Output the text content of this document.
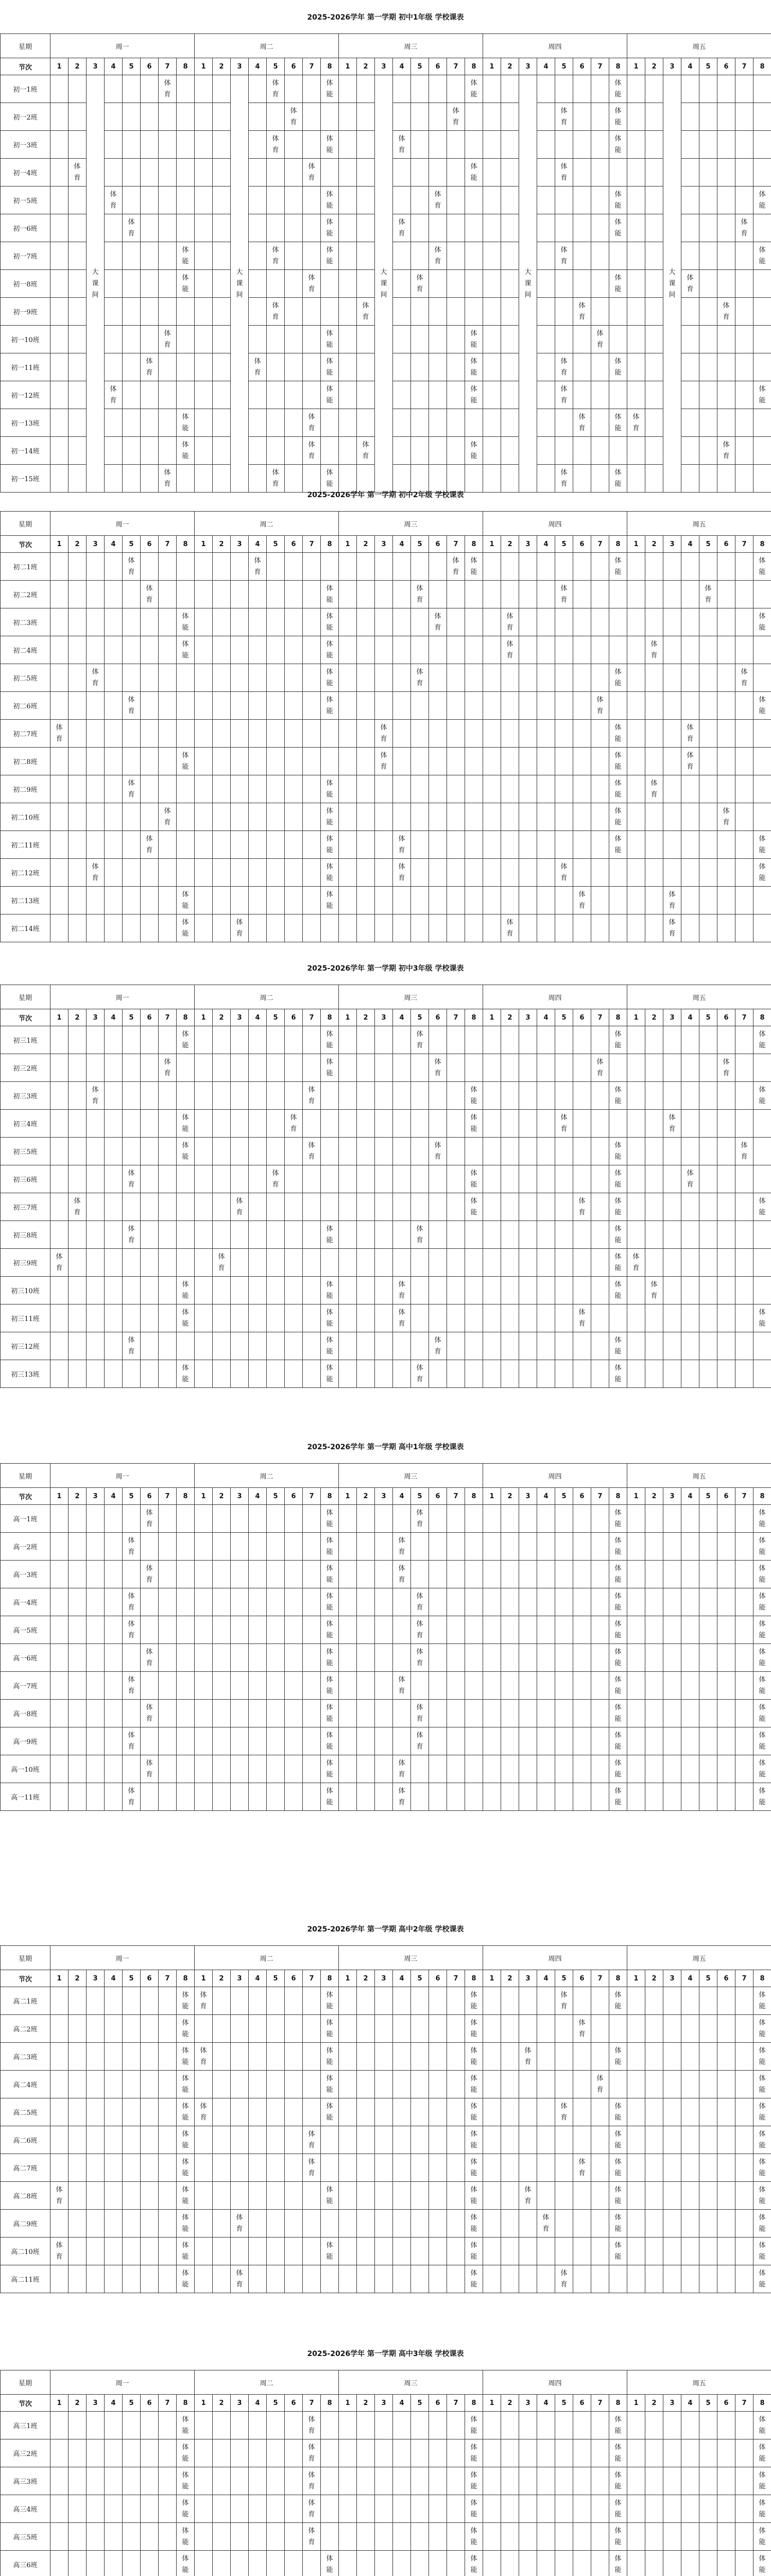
2025-2026学年 第一学期 初中1年级 学校课表
星期	周一								周二								周三								周四								周五							
节次	1	2	3	4	5	6	7	8	1	2	3	4	5	6	7	8	1	2	3	4	5	6	7	8	1	2	3	4	5	6	7	8	1	2	3	4	5	6	7	8
初一1班			大课间				体育				大课间		体育			体能			大课间					体能			大课间					体能			大课间					

初一2班														体育									体育						体育			体能								

初一3班													体育			体能				体育												体能								

初一4班		体育													体育									体能					体育											

初一5班				体育												体能						体育										体能								体能

初一6班					体育											体能				体育												体能							体育	

初一7班								体能					体育			体能						体育							体育											体能

初一8班								体能							体育						体育											体能				体育				

初一9班													体育					体育												体育								体育		

初一10班							体育									体能								体能							体育									

初一11班						体育						体育				体能								体能					体育			体能								

初一12班				体育												体能								体能					体育											体能

初一13班								体能							体育															体育		体能	体育							

初一14班								体能							体育			体育						体能														体育		

初一15班							体育						体育			体能													体育			体能								

2025-2026学年 第一学期 初中2年级 学校课表
星期	周一								周二								周三								周四								周五							
节次	1	2	3	4	5	6	7	8	1	2	3	4	5	6	7	8	1	2	3	4	5	6	7	8	1	2	3	4	5	6	7	8	1	2	3	4	5	6	7	8
初二1班					体育							体育											体育	体能								体能								体能

初二2班						体育										体能					体育								体育								体育			

初二3班								体能								体能						体育				体育														体能

初二4班								体能								体能										体育								体育						

初二5班			体育													体能					体育											体能							体育	

初二6班					体育											体能															体育									体能

初二7班	体育																		体育													体能				体育				

初二8班								体能											体育													体能				体育				

初二9班					体育											体能																体能		体育						

初二10班							体育									体能																体能						体育		

初二11班						体育										体能				体育												体能								体能

初二12班			体育													体能				体育									体育											体能

初二13班								体能								体能														体育					体育					

初二14班								体能			体育															体育									体育					

2025-2026学年 第一学期 初中3年级 学校课表
星期	周一								周二								周三								周四								周五							
节次	1	2	3	4	5	6	7	8	1	2	3	4	5	6	7	8	1	2	3	4	5	6	7	8	1	2	3	4	5	6	7	8	1	2	3	4	5	6	7	8
初三1班								体能								体能					体育											体能								体能

初三2班							体育									体能						体育									体育							体育		

初三3班			体育												体育									体能								体能								体能

初三4班								体能						体育										体能					体育						体育					

初三5班								体能							体育							体育										体能							体育	

初三6班					体育								体育											体能								体能				体育				

初三7班		体育									体育													体能						体育		体能								体能

初三8班					体育											体能					体育											体能								

初三9班	体育									体育																						体能	体育							

初三10班								体能								体能				体育												体能		体育						

初三11班								体能								体能				体育										体育										体能

初三12班					体育											体能						体育										体能								

初三13班								体能								体能					体育											体能								

2025-2026学年 第一学期 高中1年级 学校课表
星期	周一								周二								周三								周四								周五							
节次	1	2	3	4	5	6	7	8	1	2	3	4	5	6	7	8	1	2	3	4	5	6	7	8	1	2	3	4	5	6	7	8	1	2	3	4	5	6	7	8
高一1班						体育										体能					体育											体能								体能

高一2班					体育											体能				体育												体能								体能

高一3班						体育										体能				体育												体能								体能

高一4班					体育											体能					体育											体能								体能

高一5班					体育											体能					体育											体能								体能

高一6班						体育										体能					体育											体能								体能

高一7班					体育											体能				体育												体能								体能

高一8班						体育										体能					体育											体能								体能

高一9班					体育											体能					体育											体能								体能

高一10班						体育										体能				体育												体能								体能

高一11班					体育											体能				体育												体能								体能
2025-2026学年 第一学期 高中2年级 学校课表
星期	周一								周二								周三								周四								周五							
节次	1	2	3	4	5	6	7	8	1	2	3	4	5	6	7	8	1	2	3	4	5	6	7	8	1	2	3	4	5	6	7	8	1	2	3	4	5	6	7	8
高二1班								体能	体育							体能								体能					体育			体能								体能

高二2班								体能								体能								体能						体育										体能

高二3班								体能	体育							体能								体能			体育					体能								体能

高二4班								体能								体能								体能							体育									体能

高二5班								体能	体育							体能								体能					体育			体能								体能

高二6班								体能							体育									体能								体能								体能

高二7班								体能							体育									体能						体育		体能								体能

高二8班	体育							体能								体能								体能			体育					体能								体能

高二9班								体能			体育													体能				体育				体能								体能

高二10班	体育							体能								体能								体能								体能								体能

高二11班								体能			体育													体能					体育											体能
2025-2026学年 第一学期 高中3年级 学校课表
星期	周一								周二								周三								周四								周五							
节次	1	2	3	4	5	6	7	8	1	2	3	4	5	6	7	8	1	2	3	4	5	6	7	8	1	2	3	4	5	6	7	8	1	2	3	4	5	6	7	8
高三1班								体能							体育									体能								体能								体能

高三2班								体能							体育									体能								体能								体能

高三3班								体能							体育									体能								体能								体能

高三4班								体能							体育									体能								体能								体能

高三5班								体能							体育									体能								体能								体能

高三6班								体能								体能								体能								体能								体能
